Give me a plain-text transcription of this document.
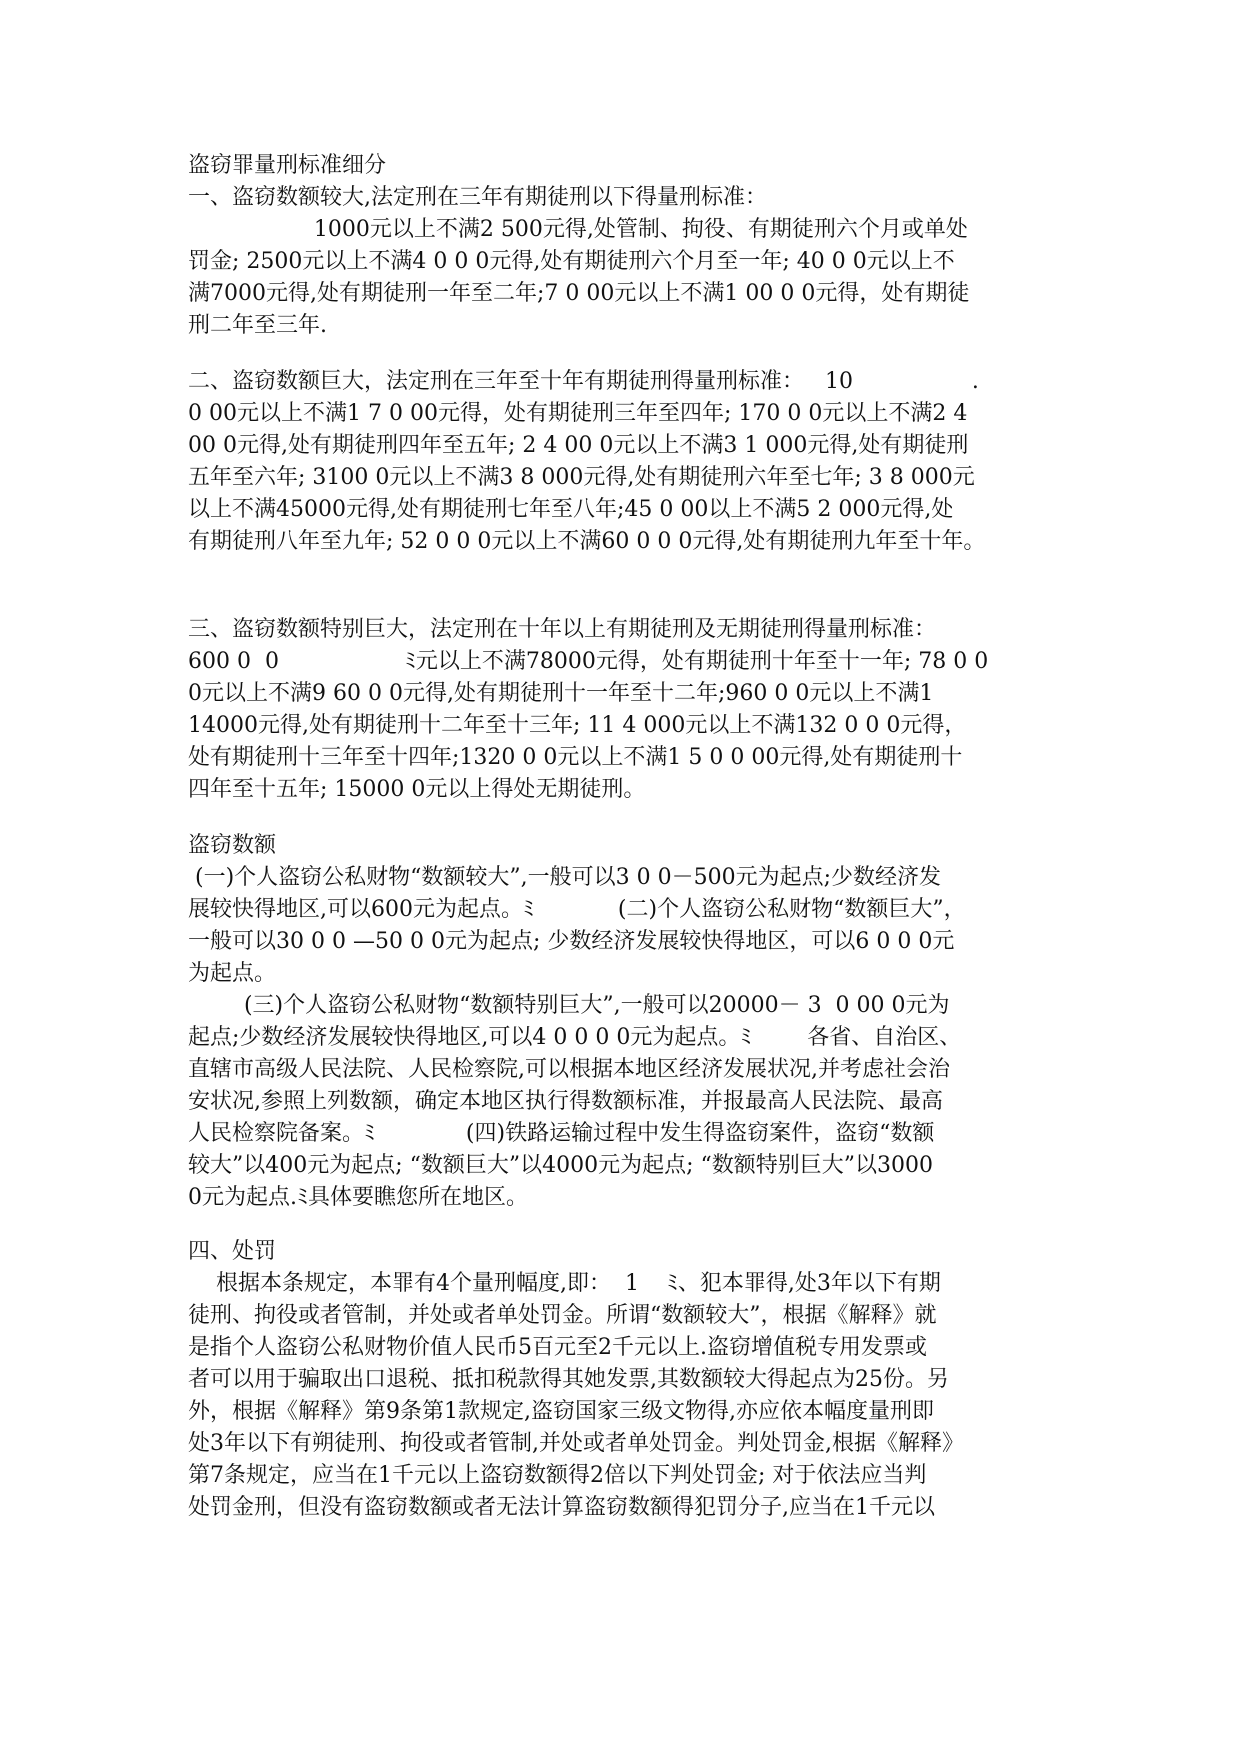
盗窃罪量刑标准细分
一、盗窃数额较大,法定刑在三年有期徒刑以下得量刑标准：
1000元以上不满2 500元得,处管制、拘役、有期徒刑六个月或单处
罚金; 2500元以上不满4 0 0 0元得,处有期徒刑六个月至一年; 40 0 0元以上不
满7000元得,处有期徒刑一年至二年;7 0 00元以上不满1 00 0 0元得，处有期徒
刑二年至三年.
二、盗窃数额巨大，法定刑在三年至十年有期徒刑得量刑标准：   10                 .
0 00元以上不满1 7 0 00元得，处有期徒刑三年至四年; 170 0 0元以上不满2 4
00 0元得,处有期徒刑四年至五年; 2 4 00 0元以上不满3 1 000元得,处有期徒刑
五年至六年; 3100 0元以上不满3 8 000元得,处有期徒刑六年至七年; 3 8 000元
以上不满45000元得,处有期徒刑七年至八年;45 0 00以上不满5 2 000元得,处
有期徒刑八年至九年; 52 0 0 0元以上不满60 0 0 0元得,处有期徒刑九年至十年。
三、盗窃数额特别巨大，法定刑在十年以上有期徒刑及无期徒刑得量刑标准：
600 0  0                  ﾐ元以上不满78000元得，处有期徒刑十年至十一年; 78 0 0
0元以上不满9 60 0 0元得,处有期徒刑十一年至十二年;960 0 0元以上不满1
14000元得,处有期徒刑十二年至十三年; 11 4 000元以上不满132 0 0 0元得，
处有期徒刑十三年至十四年;1320 0 0元以上不满1 5 0 0 00元得,处有期徒刑十
四年至十五年; 15000 0元以上得处无期徒刑。
盗窃数额
(一)个人盗窃公私财物“数额较大”,一般可以3 0 0－500元为起点;少数经济发
展较快得地区,可以600元为起点。ﾐ            (二)个人盗窃公私财物“数额巨大”，
一般可以30 0 0 —50 0 0元为起点; 少数经济发展较快得地区，可以6 0 0 0元
为起点。
(三)个人盗窃公私财物“数额特别巨大”,一般可以20000－ 3  0 00 0元为
起点;少数经济发展较快得地区,可以4 0 0 0 0元为起点。ﾐ        各省、自治区、
直辖市高级人民法院、人民检察院,可以根据本地区经济发展状况,并考虑社会治
安状况,参照上列数额，确定本地区执行得数额标准，并报最高人民法院、最高
人民检察院备案。ﾐ             (四)铁路运输过程中发生得盗窃案件，盗窃“数额
较大”以400元为起点; “数额巨大”以4000元为起点; “数额特别巨大”以3000
0元为起点.ﾐ具体要瞧您所在地区。
四、处罚
根据本条规定，本罪有4个量刑幅度,即：  1    ﾐ、犯本罪得,处3年以下有期
徒刑、拘役或者管制，并处或者单处罚金。所谓“数额较大”，根据《解释》就
是指个人盗窃公私财物价值人民币5百元至2千元以上.盗窃增值税专用发票或
者可以用于骗取出口退税、抵扣税款得其她发票,其数额较大得起点为25份。另
外，根据《解释》第9条第1款规定,盗窃国家三级文物得,亦应依本幅度量刑即
处3年以下有朔徒刑、拘役或者管制,并处或者单处罚金。判处罚金,根据《解释》
第7条规定，应当在1千元以上盗窃数额得2倍以下判处罚金; 对于依法应当判
处罚金刑，但没有盗窃数额或者无法计算盗窃数额得犯罚分子,应当在1千元以
